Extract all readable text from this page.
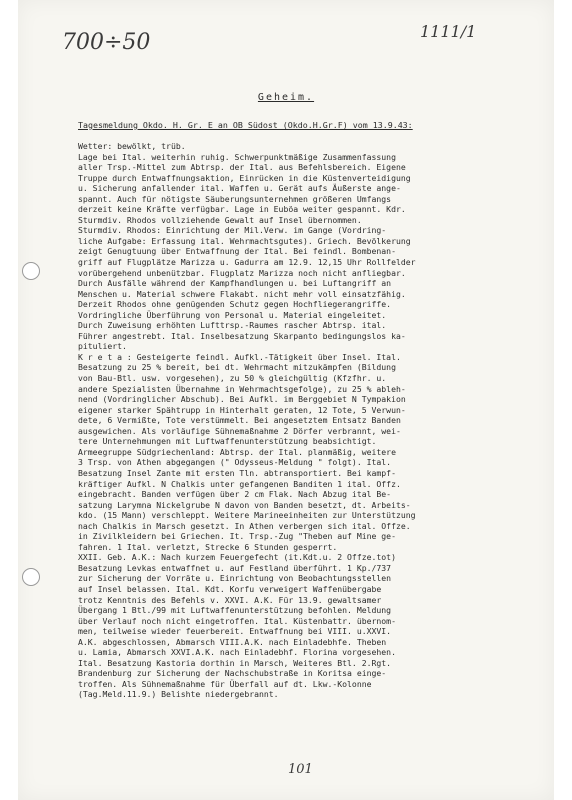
700÷50	1111/1
Geheim.
Tagesmeldung Okdo. H. Gr. E an OB Südost (Okdo.H.Gr.F) vom 13.9.43:
Wetter: bewölkt, trüb.
Lage bei Ital. weiterhin ruhig. Schwerpunktmäßige Zusammenfassung
aller Trsp.-Mittel zum Abtrsp. der Ital. aus Befehlsbereich. Eigene
Truppe durch Entwaffnungsaktion, Einrücken in die Küstenverteidigung
u. Sicherung anfallender ital. Waffen u. Gerät aufs Äußerste ange-
spannt. Auch für nötigste Säuberungsunternehmen größeren Umfangs
derzeit keine Kräfte verfügbar. Lage in Euböa weiter gespannt. Kdr.
Sturmdiv. Rhodos vollziehende Gewalt auf Insel übernommen.
Sturmdiv. Rhodos: Einrichtung der Mil.Verw. im Gange (Vordring-
liche Aufgabe: Erfassung ital. Wehrmachtsgutes). Griech. Bevölkerung
zeigt Genugtuung über Entwaffnung der Ital. Bei feindl. Bombenan-
griff auf Flugplätze Marizza u. Gadurra am 12.9. 12,15 Uhr Rollfelder
vorübergehend unbenützbar. Flugplatz Marizza noch nicht anfliegbar.
Durch Ausfälle während der Kampfhandlungen u. bei Luftangriff an
Menschen u. Material schwere Flakabt. nicht mehr voll einsatzfähig.
Derzeit Rhodos ohne genügenden Schutz gegen Hochfliegerangriffe.
Vordringliche Überführung von Personal u. Material eingeleitet.
Durch Zuweisung erhöhten Lufttrsp.-Raumes rascher Abtrsp. ital.
Führer angestrebt. Ital. Inselbesatzung Skarpanto bedingungslos ka-
pituliert.
K r e t a : Gesteigerte feindl. Aufkl.-Tätigkeit über Insel. Ital.
Besatzung zu 25 % bereit, bei dt. Wehrmacht mitzukämpfen (Bildung
von Bau-Btl. usw. vorgesehen), zu 50 % gleichgültig (Kfzfhr. u.
andere Spezialisten Übernahme in Wehrmachtsgefolge), zu 25 % ableh-
nend (Vordringlicher Abschub). Bei Aufkl. im Berggebiet N Tympakion
eigener starker Spähtrupp in Hinterhalt geraten, 12 Tote, 5 Verwun-
dete, 6 Vermißte, Tote verstümmelt. Bei angesetztem Entsatz Banden
ausgewichen. Als vorläufige Sühnemaßnahme 2 Dörfer verbrannt, wei-
tere Unternehmungen mit Luftwaffenunterstützung beabsichtigt.
Armeegruppe Südgriechenland: Abtrsp. der Ital. planmäßig, weitere
3 Trsp. von Athen abgegangen (" Odysseus-Meldung " folgt). Ital.
Besatzung Insel Zante mit ersten Tln. abtransportiert. Bei kampf-
kräftiger Aufkl. N Chalkis unter gefangenen Banditen 1 ital. Offz.
eingebracht. Banden verfügen über 2 cm Flak. Nach Abzug ital Be-
satzung Larymna Nickelgrube N davon von Banden besetzt, dt. Arbeits-
kdo. (15 Mann) verschleppt. Weitere Marineeinheiten zur Unterstützung
nach Chalkis in Marsch gesetzt. In Athen verbergen sich ital. Offze.
in Zivilkleidern bei Griechen. It. Trsp.-Zug "Theben auf Mine ge-
fahren. 1 Ital. verletzt, Strecke 6 Stunden gesperrt.
XXII. Geb. A.K.: Nach kurzem Feuergefecht (it.Kdt.u. 2 Offze.tot)
Besatzung Levkas entwaffnet u. auf Festland überführt. 1 Kp./737
zur Sicherung der Vorräte u. Einrichtung von Beobachtungsstellen
auf Insel belassen. Ital. Kdt. Korfu verweigert Waffenübergabe
trotz Kenntnis des Befehls v. XXVI. A.K. Für 13.9. gewaltsamer
Übergang 1 Btl./99 mit Luftwaffenunterstützung befohlen. Meldung
über Verlauf noch nicht eingetroffen. Ital. Küstenbattr. übernom-
men, teilweise wieder feuerbereit. Entwaffnung bei VIII. u.XXVI.
A.K. abgeschlossen, Abmarsch VIII.A.K. nach Einladebhfe. Theben
u. Lamia, Abmarsch XXVI.A.K. nach Einladebhf. Florina vorgesehen.
Ital. Besatzung Kastoria dorthin in Marsch, Weiteres Btl. 2.Rgt.
Brandenburg zur Sicherung der Nachschubstraße in Koritsa einge-
troffen. Als Sühnemaßnahme für Überfall auf dt. Lkw.-Kolonne
(Tag.Meld.11.9.) Belishte niedergebrannt.
101
